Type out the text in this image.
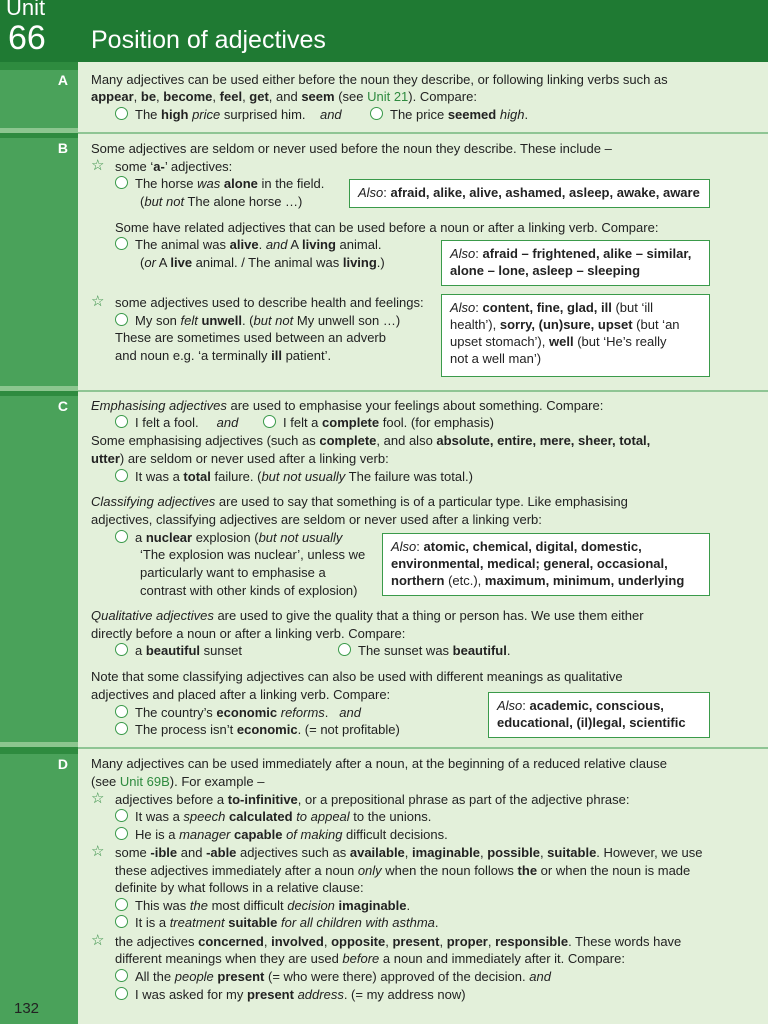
Unit
66 Position of adjectives
A
B
C
D
Many adjectives can be used either before the noun they describe, or following linking verbs such as
appear, be, become, feel, get, and seem (see Unit 21). Compare:
The high price surprised him.    and	The price seemed high.
Some adjectives are seldom or never used before the noun they describe. These include –
☆ some ‘a-’ adjectives:
The horse was alone in the field.
(but not The alone horse …)
Also: afraid, alike, alive, ashamed, asleep, awake, aware
Some have related adjectives that can be used before a noun or after a linking verb. Compare:
The animal was alive. and A living animal.
(or A live animal. / The animal was living.)
Also: afraid – frightened, alike – similar,
alone – lone, asleep – sleeping
☆ some adjectives used to describe health and feelings:
My son felt unwell. (but not My unwell son …)
These are sometimes used between an adverb
and noun e.g. ‘a terminally ill patient’.
Also: content, fine, glad, ill (but ‘ill
health’), sorry, (un)sure, upset (but ‘an
upset stomach’), well (but ‘He’s really
not a well man’)
Emphasising adjectives are used to emphasise your feelings about something. Compare:
I felt a fool.     and	I felt a complete fool. (for emphasis)
Some emphasising adjectives (such as complete, and also absolute, entire, mere, sheer, total,
utter) are seldom or never used after a linking verb:
It was a total failure. (but not usually The failure was total.)
Classifying adjectives are used to say that something is of a particular type. Like emphasising
adjectives, classifying adjectives are seldom or never used after a linking verb:
a nuclear explosion (but not usually
‘The explosion was nuclear’, unless we
particularly want to emphasise a
contrast with other kinds of explosion)
Also: atomic, chemical, digital, domestic,
environmental, medical; general, occasional,
northern (etc.), maximum, minimum, underlying
Qualitative adjectives are used to give the quality that a thing or person has. We use them either
directly before a noun or after a linking verb. Compare:
a beautiful sunset	The sunset was beautiful.
Note that some classifying adjectives can also be used with different meanings as qualitative
adjectives and placed after a linking verb. Compare:
The country’s economic reforms.   and
The process isn’t economic. (= not profitable)
Also: academic, conscious,
educational, (il)legal, scientific
Many adjectives can be used immediately after a noun, at the beginning of a reduced relative clause
(see Unit 69B). For example –
☆ adjectives before a to-infinitive, or a prepositional phrase as part of the adjective phrase:
It was a speech calculated to appeal to the unions.
He is a manager capable of making difficult decisions.
☆ some -ible and -able adjectives such as available, imaginable, possible, suitable. However, we use
these adjectives immediately after a noun only when the noun follows the or when the noun is made
definite by what follows in a relative clause:
This was the most difficult decision imaginable.
It is a treatment suitable for all children with asthma.
☆ the adjectives concerned, involved, opposite, present, proper, responsible. These words have
different meanings when they are used before a noun and immediately after it. Compare:
All the people present (= who were there) approved of the decision. and
I was asked for my present address. (= my address now)
132
